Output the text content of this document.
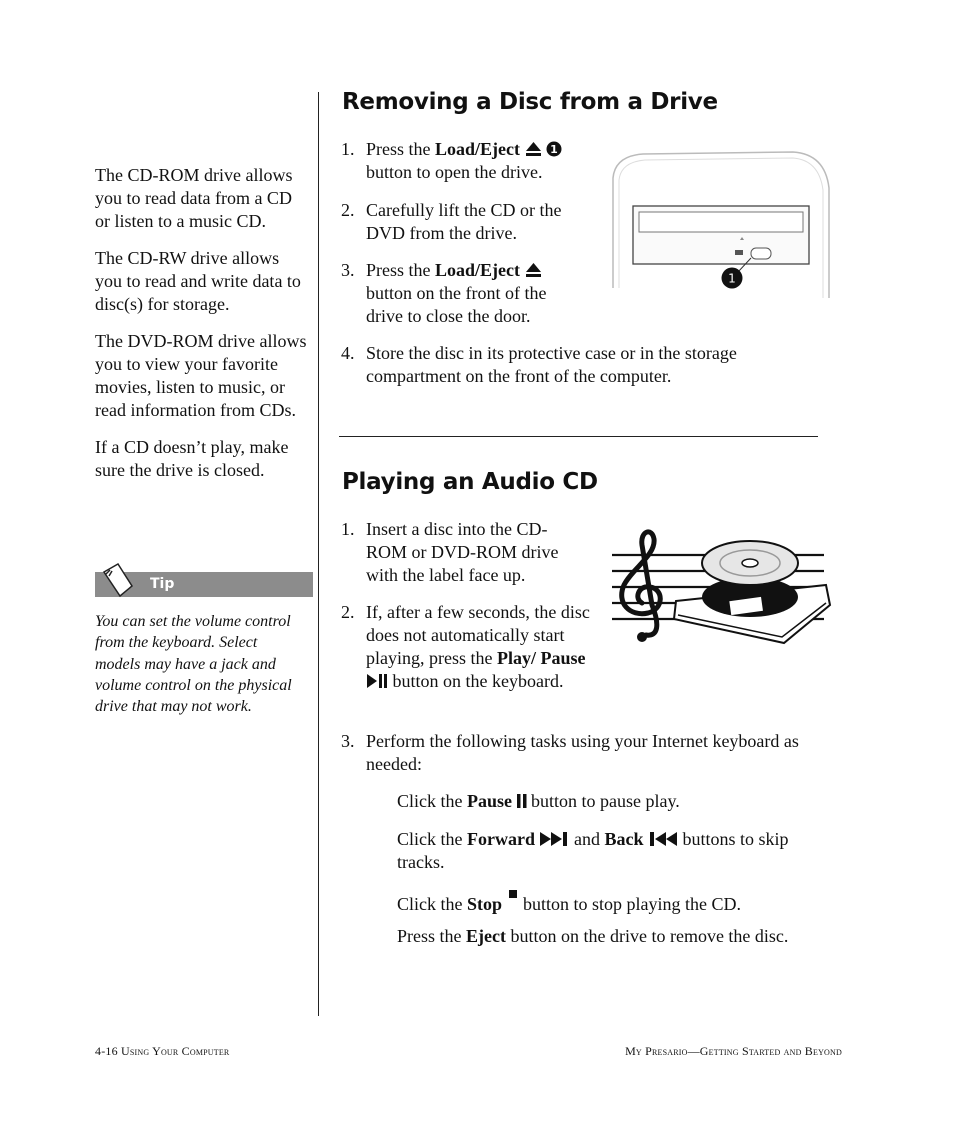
The CD-ROM drive allows you to read data from a CD or listen to a music CD.

The CD-RW drive allows you to read and write data to disc(s) for storage.

The DVD-ROM drive allows you to view your favorite movies, listen to music, or read information from CDs.

If a CD doesn’t play, make sure the drive is closed.

Tip
You can set the volume control from the keyboard. Select models may have a jack and volume control on the physical drive that may not work.
Removing a Disc from a Drive
1. Press the Load/Eject	1

button to open the drive.
2. Carefully lift the CD or the DVD from the drive.
3. Press the Load/Eject
button on the front of the drive to close the door.
4. Store the disc in its protective case or in the storage compartment on the front of the computer.
1
Playing an Audio CD
1. Insert a disc into the CD-ROM or DVD-ROM drive with the label face up.
2. If, after a few seconds, the disc does not automatically start playing, press the Play/ Pause  button on the keyboard.
3. Perform the following tasks using your Internet keyboard as needed:
Click the Pause  button to pause play.
Click the Forward  and Back  buttons to skip tracks.
Click the Stop  button to stop playing the CD.
Press the Eject button on the drive to remove the disc.
4-16 Using Your Computer	My Presario—Getting Started and Beyond
